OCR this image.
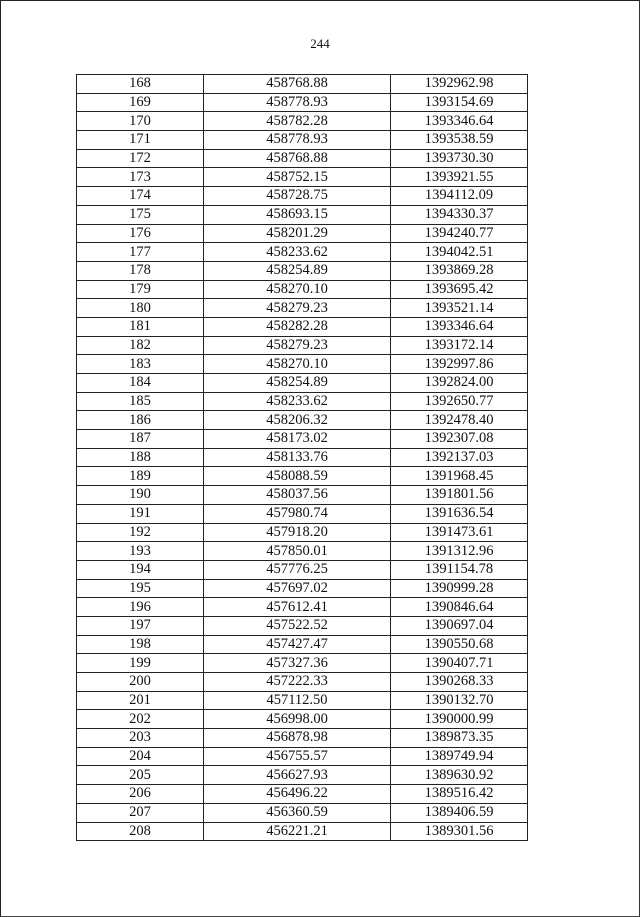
244
168	458768.88	1392962.98
169	458778.93	1393154.69
170	458782.28	1393346.64
171	458778.93	1393538.59
172	458768.88	1393730.30
173	458752.15	1393921.55
174	458728.75	1394112.09
175	458693.15	1394330.37
176	458201.29	1394240.77
177	458233.62	1394042.51
178	458254.89	1393869.28
179	458270.10	1393695.42
180	458279.23	1393521.14
181	458282.28	1393346.64
182	458279.23	1393172.14
183	458270.10	1392997.86
184	458254.89	1392824.00
185	458233.62	1392650.77
186	458206.32	1392478.40
187	458173.02	1392307.08
188	458133.76	1392137.03
189	458088.59	1391968.45
190	458037.56	1391801.56
191	457980.74	1391636.54
192	457918.20	1391473.61
193	457850.01	1391312.96
194	457776.25	1391154.78
195	457697.02	1390999.28
196	457612.41	1390846.64
197	457522.52	1390697.04
198	457427.47	1390550.68
199	457327.36	1390407.71
200	457222.33	1390268.33
201	457112.50	1390132.70
202	456998.00	1390000.99
203	456878.98	1389873.35
204	456755.57	1389749.94
205	456627.93	1389630.92
206	456496.22	1389516.42
207	456360.59	1389406.59
208	456221.21	1389301.56
